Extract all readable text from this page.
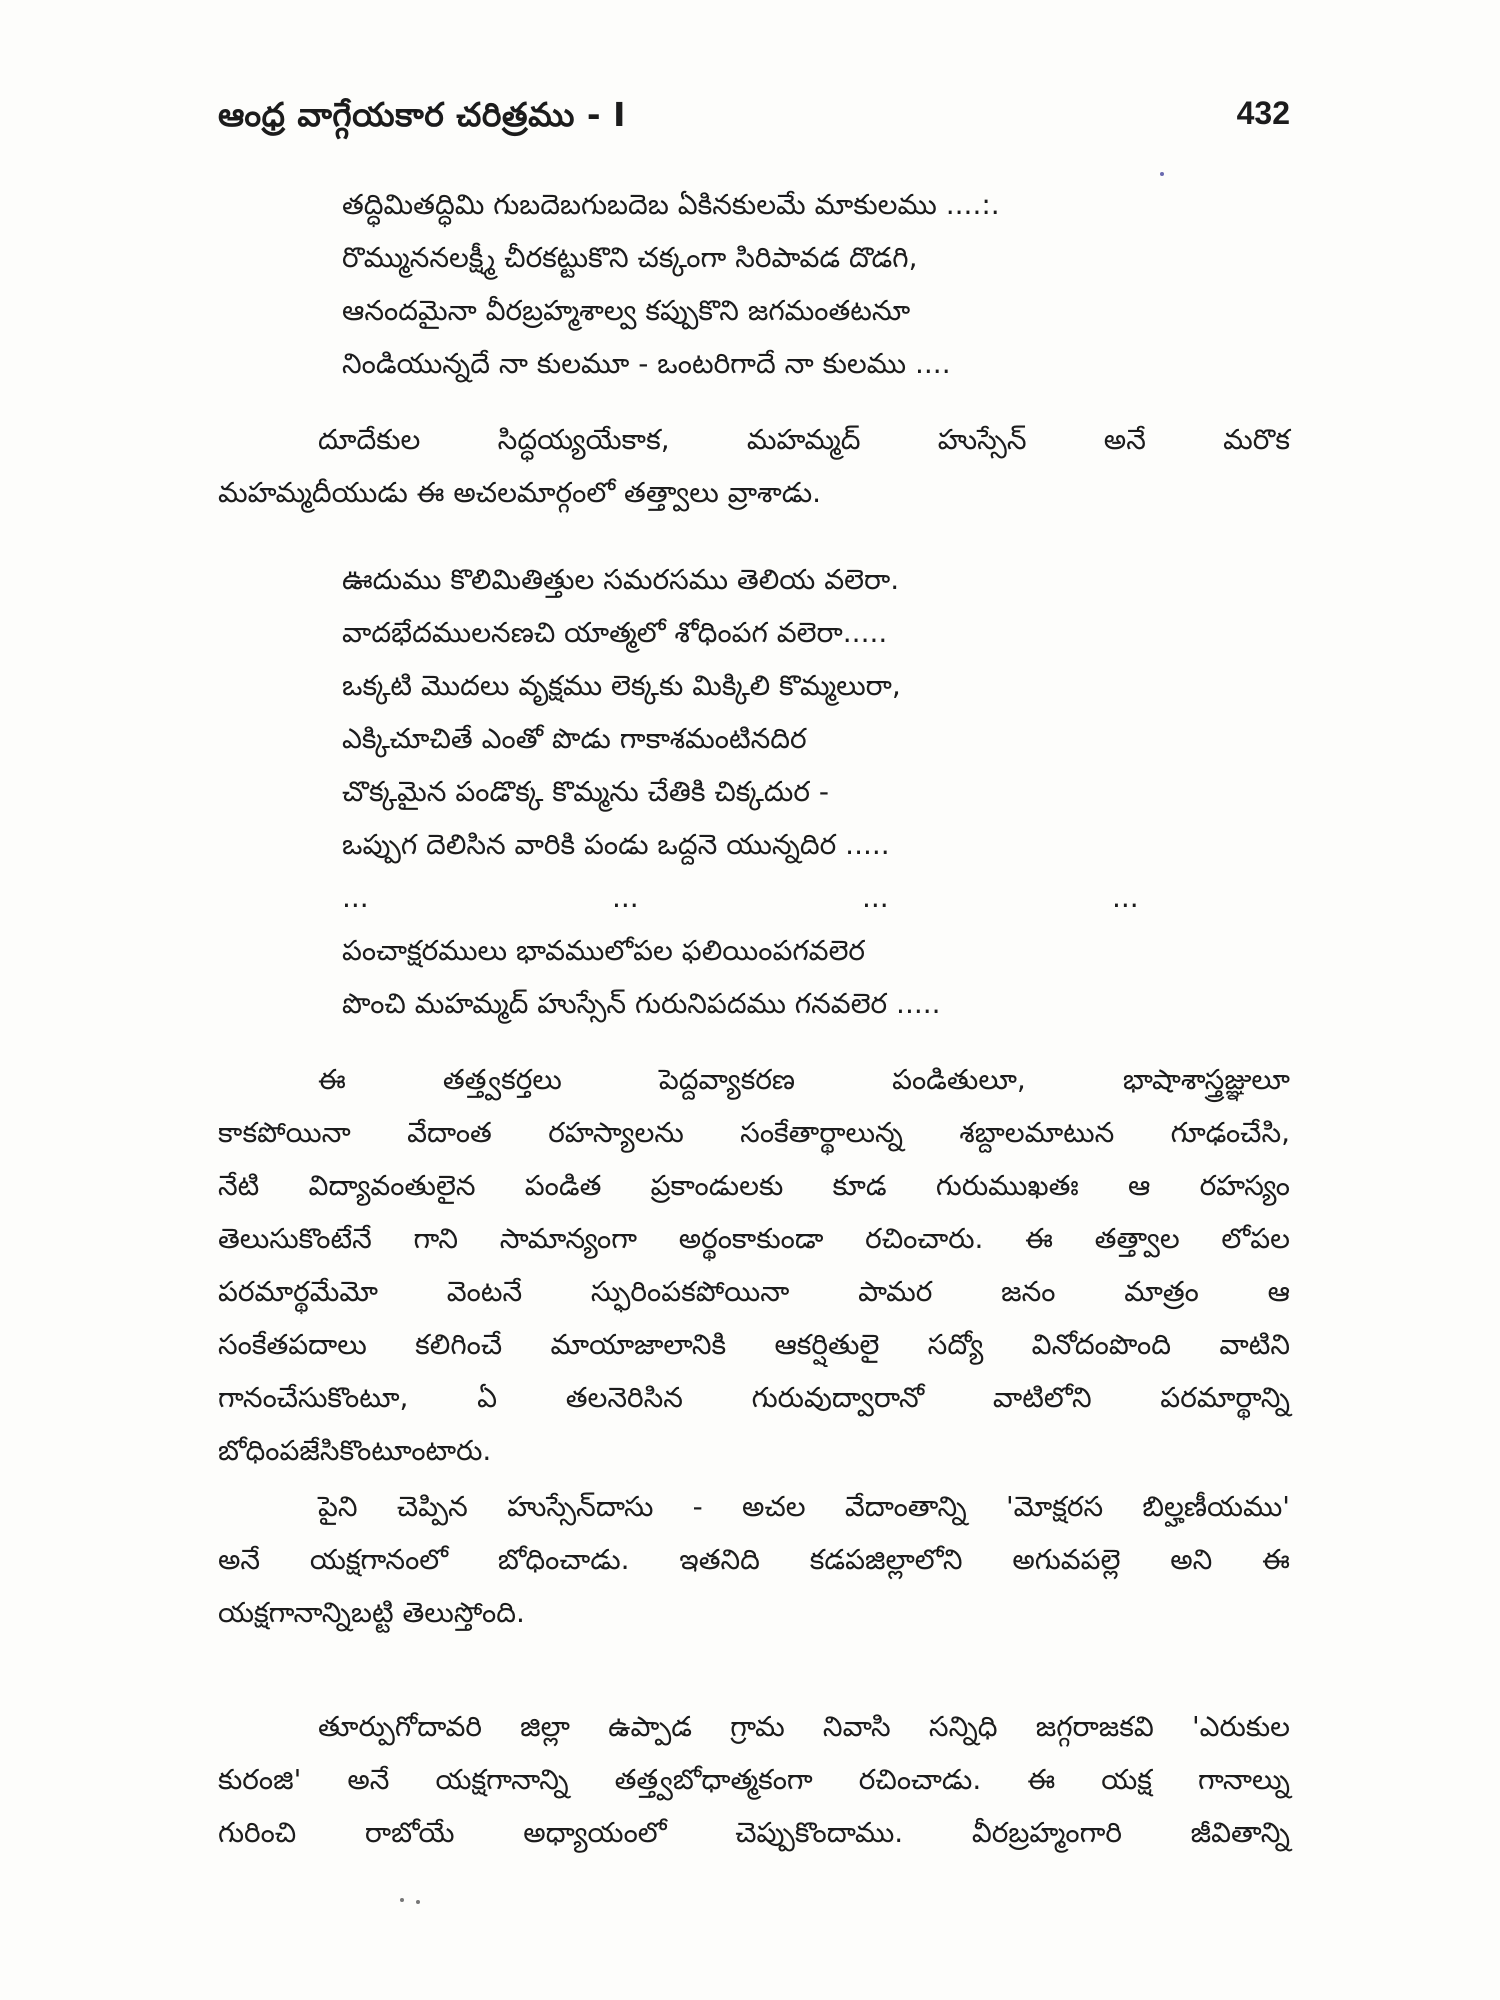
ఆంధ్ర వాగ్గేయకార చరిత్రము - I	432
తద్ధిమితద్ధిమి గుబదెబగుబదెబ ఏకినకులమే మాకులము ....:.
రొమ్ముననలక్ష్మీ చీరకట్టుకొని చక్కంగా సిరిపావడ దొడగి,
ఆనందమైనా వీరబ్రహ్మశాల్వ కప్పుకొని జగమంతటనూ
నిండియున్నదే నా కులమూ - ఒంటరిగాదే నా కులము ....
దూదేకుల సిద్ధయ్యయేకాక, మహమ్మద్ హుస్సేన్ అనే మరొక
మహమ్మదీయుడు ఈ అచలమార్గంలో తత్త్వాలు వ్రాశాడు.
ఊదుము కొలిమితిత్తుల సమరసము తెలియ వలెరా.
వాదభేదములనణచి యాత్మలో శోధింపగ వలెరా.....
ఒక్కటి మొదలు వృక్షము లెక్కకు మిక్కిలి కొమ్మలురా,
ఎక్కిచూచితే ఎంతో పొడు గాకాశమంటినదిర
చొక్కమైన పండొక్క కొమ్మను చేతికి చిక్కదుర -
ఒప్పుగ దెలిసిన వారికి పండు ఒద్దనె యున్నదిర .....
...	...	...	...
పంచాక్షరములు భావములోపల ఫలియింపగవలెర
పొంచి మహమ్మద్ హుస్సేన్ గురునిపదము గనవలెర .....
ఈ తత్త్వకర్తలు పెద్దవ్యాకరణ పండితులూ, భాషాశాస్త్రజ్ఞులూ
కాకపోయినా వేదాంత రహస్యాలను సంకేతార్థాలున్న శబ్దాలమాటున గూఢంచేసి,
నేటి విద్యావంతులైన పండిత ప్రకాండులకు కూడ గురుముఖతః ఆ రహస్యం
తెలుసుకొంటేనే గాని సామాన్యంగా అర్థంకాకుండా రచించారు. ఈ తత్త్వాల లోపల
పరమార్థమేమో వెంటనే స్ఫురింపకపోయినా పామర జనం మాత్రం ఆ
సంకేతపదాలు కలిగించే మాయాజాలానికి ఆకర్షితులై సద్యో వినోదంపొంది వాటిని
గానంచేసుకొంటూ, ఏ తలనెరిసిన గురువుద్వారానో వాటిలోని పరమార్థాన్ని
బోధింపజేసికొంటూంటారు.
పైని చెప్పిన హుస్సేన్‌దాసు - అచల వేదాంతాన్ని 'మోక్షరస బిల్హణీయము'
అనే యక్షగానంలో బోధించాడు. ఇతనిది కడపజిల్లాలోని అగువపల్లె అని ఈ
యక్షగానాన్నిబట్టి తెలుస్తోంది.
తూర్పుగోదావరి జిల్లా ఉప్పాడ గ్రామ నివాసి సన్నిధి జగ్గరాజకవి 'ఎరుకుల
కురంజి' అనే యక్షగానాన్ని తత్త్వబోధాత్మకంగా రచించాడు. ఈ యక్ష గానాల్ను
గురించి రాబోయే అధ్యాయంలో చెప్పుకొందాము. వీరబ్రహ్మంగారి జీవితాన్ని
